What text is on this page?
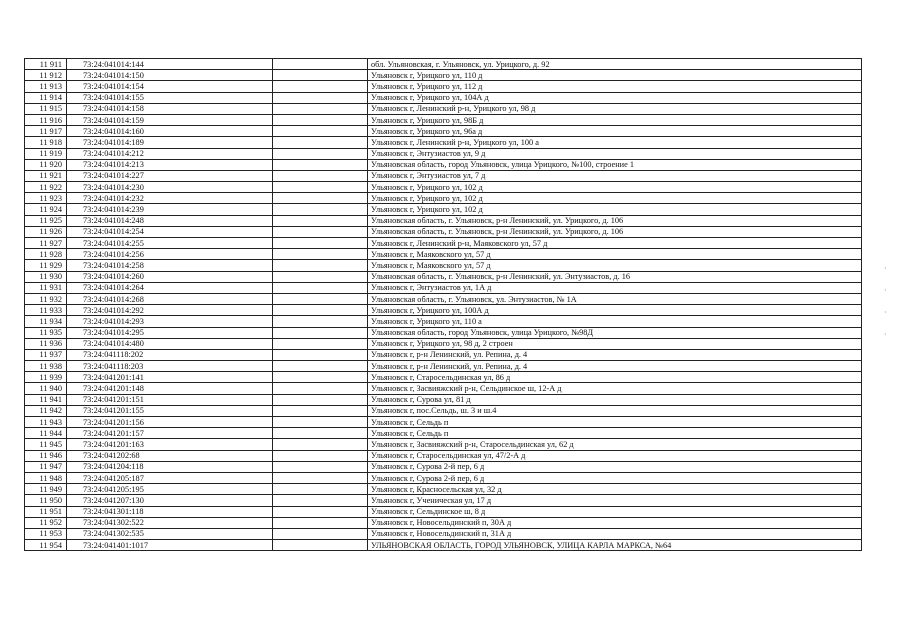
11 911	73:24:041014:144		обл. Ульяновская, г. Ульяновск, ул. Урицкого, д. 92
11 912	73:24:041014:150		Ульяновск г, Урицкого ул, 110 д
11 913	73:24:041014:154		Ульяновск г, Урицкого ул, 112 д
11 914	73:24:041014:155		Ульяновск г, Урицкого ул, 104А д
11 915	73:24:041014:158		Ульяновск г, Ленинский р-н, Урицкого ул, 98 д
11 916	73:24:041014:159		Ульяновск г, Урицкого ул, 98Б д
11 917	73:24:041014:160		Ульяновск г, Урицкого ул, 96а д
11 918	73:24:041014:189		Ульяновск г, Ленинский р-н, Урицкого ул, 100 а
11 919	73:24:041014:212		Ульяновск г, Энтузиастов ул, 9 д
11 920	73:24:041014:213		Ульяновская область, город Ульяновск, улица Урицкого, №100, строение 1
11 921	73:24:041014:227		Ульяновск г, Энтузиастов ул, 7 д
11 922	73:24:041014:230		Ульяновск г, Урицкого ул, 102 д
11 923	73:24:041014:232		Ульяновск г, Урицкого ул, 102 д
11 924	73:24:041014:239		Ульяновск г, Урицкого ул, 102 д
11 925	73:24:041014:248		Ульяновская область, г. Ульяновск, р-н Ленинский, ул. Урицкого, д. 106
11 926	73:24:041014:254		Ульяновская область, г. Ульяновск, р-н Ленинский, ул. Урицкого, д. 106
11 927	73:24:041014:255		Ульяновск г, Ленинский р-н, Маяковского ул, 57 д
11 928	73:24:041014:256		Ульяновск г, Маяковского ул, 57 д
11 929	73:24:041014:258		Ульяновск г, Маяковского ул, 57 д
11 930	73:24:041014:260		Ульяновская область, г. Ульяновск, р-н Ленинский, ул. Энтузиастов, д. 16
11 931	73:24:041014:264		Ульяновск г, Энтузиастов ул, 1А д
11 932	73:24:041014:268		Ульяновская область, г. Ульяновск, ул. Энтузиастов, № 1А
11 933	73:24:041014:292		Ульяновск г, Урицкого ул, 100А д
11 934	73:24:041014:293		Ульяновск г, Урицкого ул, 110 а
11 935	73:24:041014:295		Ульяновская область, город Ульяновск, улица Урицкого, №98Д
11 936	73:24:041014:480		Ульяновск г, Урицкого ул, 98 д, 2 строен
11 937	73:24:041118:202		Ульяновск г, р-н Ленинский, ул. Репина, д. 4
11 938	73:24:041118:203		Ульяновск г, р-н Ленинский, ул. Репина, д. 4
11 939	73:24:041201:141		Ульяновск г, Старосельдинская ул, 86 д
11 940	73:24:041201:148		Ульяновск г, Засвияжский р-н, Сельдинское ш, 12-А д
11 941	73:24:041201:151		Ульяновск г, Сурова ул, 81 д
11 942	73:24:041201:155		Ульяновск г, пос.Сельдь, ш. 3 и ш.4
11 943	73:24:041201:156		Ульяновск г, Сельдь п
11 944	73:24:041201:157		Ульяновск г, Сельдь п
11 945	73:24:041201:163		Ульяновск г, Засвияжский р-н, Старосельдинская ул, 62 д
11 946	73:24:041202:68		Ульяновск г, Старосельдинская ул, 47/2-А д
11 947	73:24:041204:118		Ульяновск г, Сурова 2-й пер, 6 д
11 948	73:24:041205:187		Ульяновск г, Сурова 2-й пер, 6 д
11 949	73:24:041205:195		Ульяновск г, Красносельская ул, 32 д
11 950	73:24:041207:130		Ульяновск г, Ученическая ул, 17 д
11 951	73:24:041301:118		Ульяновск г, Сельдинское ш, 8 д
11 952	73:24:041302:522		Ульяновск г, Новосельдинский п, 30А д
11 953	73:24:041302:535		Ульяновск г, Новосельдинский п, 31А д
11 954	73:24:041401:1017		УЛЬЯНОВСКАЯ ОБЛАСТЬ, ГОРОД УЛЬЯНОВСК, УЛИЦА КАРЛА МАРКСА, №64
·
·
·
·
